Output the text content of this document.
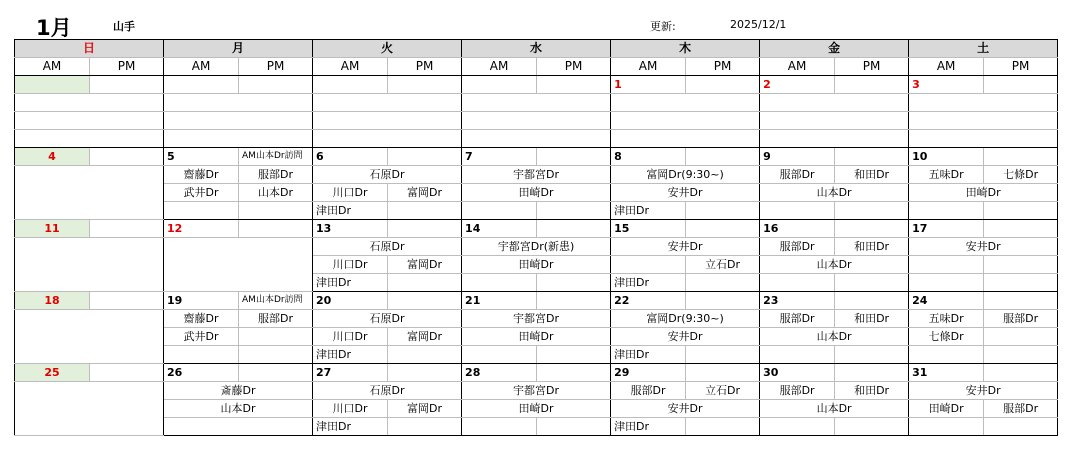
1月	山手	更新:	2025/12/1
日		月		火		水		木		金		土	
AM	PM	AM	PM	AM	PM	AM	PM	AM	PM	AM	PM	AM	PM
								1		2		3	

4		5	AM山本Dr訪問	6		7		8		9		10	
		齋藤Dr	服部Dr	石原Dr		宇都宮Dr		富岡Dr(9:30~)		服部Dr	和田Dr	五味Dr	七條Dr
		武井Dr	山本Dr	川口Dr	富岡Dr	田崎Dr		安井Dr		山本Dr		田崎Dr	
				津田Dr				津田Dr					
11		12		13		14		15		16		17	
				石原Dr		宇都宮Dr(新患)		安井Dr		服部Dr	和田Dr	安井Dr	
				川口Dr	富岡Dr	田崎Dr			立石Dr	山本Dr			
				津田Dr				津田Dr					
18		19	AM山本Dr訪問	20		21		22		23		24	
		齋藤Dr	服部Dr	石原Dr		宇都宮Dr		富岡Dr(9:30~)		服部Dr	和田Dr	五味Dr	服部Dr
		武井Dr		川口Dr	富岡Dr	田崎Dr		安井Dr		山本Dr		七條Dr	
				津田Dr				津田Dr					
25		26		27		28		29		30		31	
		斎藤Dr		石原Dr		宇都宮Dr		服部Dr	立石Dr	服部Dr	和田Dr	安井Dr	
		山本Dr		川口Dr	富岡Dr	田崎Dr		安井Dr		山本Dr		田崎Dr	服部Dr
				津田Dr				津田Dr					
